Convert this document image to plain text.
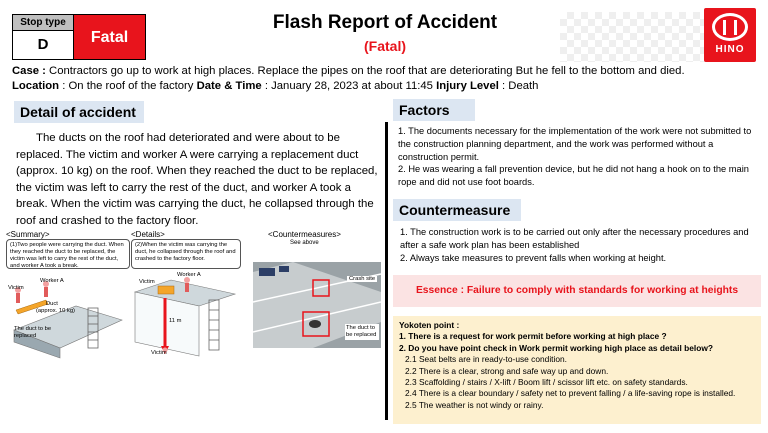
Stop type
D	Fatal
Flash Report of Accident
(Fatal)	HINO
Case : Contractors go up to work at high places. Replace the pipes on the roof that are deteriorating But he fell to the bottom and died.
Location : On the roof of the factory Date & Time : January 28, 2023 at about 11:45 Injury Level : Death
Detail of accident
The ducts on the roof had deteriorated and were about to be replaced. The victim and worker A were carrying a replacement duct (approx. 10 kg) on the roof. When they reached the duct to be replaced, the victim was left to carry the rest of the duct, and worker A took a break. When the victim was carrying the duct, he collapsed through the roof and crashed to the factory floor.
<Summary>
(1)Two people were carrying the duct. When they reached the duct to be replaced, the victim was left to carry the rest of the duct, and worker A took a break.
Worker A
Victim
Duct
(approx. 10 kg)
The duct to be replaced
<Details>
(2)When the victim was carrying the duct, he collapsed through the roof and crashed to the factory floor.
Worker A
Victim
11 m
Victim
<Countermeasures>
See above
Crash site
The duct to be replaced
Factors
1. The documents necessary for the implementation of the work were not submitted to the construction planning department, and the work was performed without a construction permit.
2. He was wearing a fall prevention device, but he did not hang a hook on to the main rope and did not use foot boards.
Countermeasure
1. The construction work is to be carried out only after the necessary procedures and after a safe work plan has been established
2. Always take measures to prevent falls when working at height.
Essence : Failure to comply with standards for working at heights
Yokoten point :
1. There is a request for work permit before working at high place ?
2. Do you have point check in Work permit working high place as detail below?
2.1 Seat belts are in ready-to-use condition.
2.2 There is a clear, strong and safe way up and down.
2.3 Scaffolding / stairs / X-lift / Boom lift / scissor lift etc. on safety standards.
2.4 There is a clear boundary / safety net to prevent falling / a life-saving rope is installed.
2.5 The weather is not windy or rainy.
